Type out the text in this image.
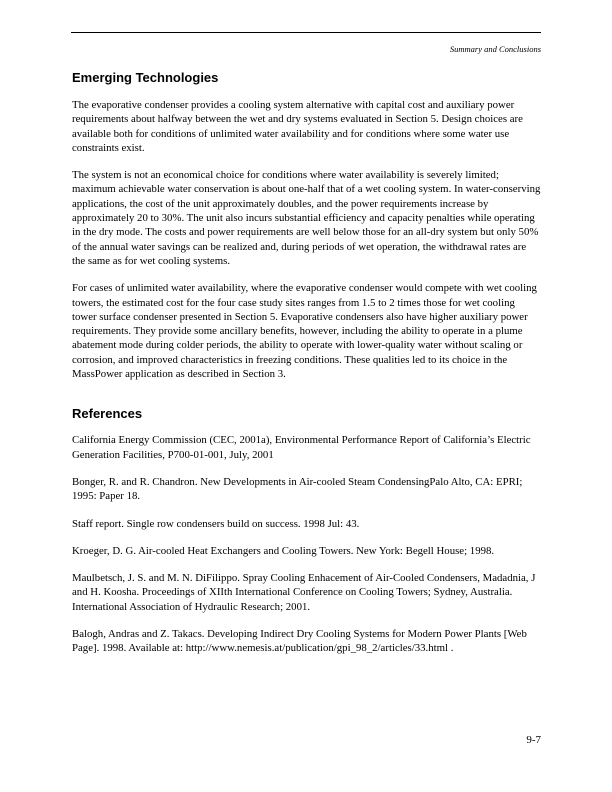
Summary and Conclusions
Emerging Technologies

The evaporative condenser provides a cooling system alternative with capital cost and auxiliary power requirements about halfway between the wet and dry systems evaluated in Section 5. Design choices are available both for conditions of unlimited water availability and for conditions where some water use constraints exist.

The system is not an economical choice for conditions where water availability is severely limited; maximum achievable water conservation is about one-half that of a wet cooling system. In water-conserving applications, the cost of the unit approximately doubles, and the power requirements increase by approximately 20 to 30%. The unit also incurs substantial efficiency and capacity penalties while operating in the dry mode. The costs and power requirements are well below those for an all-dry system but only 50% of the annual water savings can be realized and, during periods of wet operation, the withdrawal rates are the same as for wet cooling systems.

For cases of unlimited water availability, where the evaporative condenser would compete with wet cooling towers, the estimated cost for the four case study sites ranges from 1.5 to 2 times those for wet cooling tower surface condenser presented in Section 5. Evaporative condensers also have higher auxiliary power requirements. They provide some ancillary benefits, however, including the ability to operate in a plume abatement mode during colder periods, the ability to operate with lower-quality water without scaling or corrosion, and improved characteristics in freezing conditions. These qualities led to its choice in the MassPower application as described in Section 3.

References
California Energy Commission (CEC, 2001a), Environmental Performance Report of California’s Electric Generation Facilities, P700-01-001, July, 2001
Bonger, R. and R. Chandron. New Developments in Air-cooled Steam CondensingPalo Alto, CA: EPRI; 1995: Paper 18.
Staff report. Single row condensers build on success. 1998 Jul: 43.
Kroeger, D. G. Air-cooled Heat Exchangers and Cooling Towers. New York: Begell House; 1998.
Maulbetsch, J. S. and M. N. DiFilippo. Spray Cooling Enhacement of Air-Cooled Condensers, Madadnia, J and H. Koosha. Proceedings of XIIth International Conference on Cooling Towers; Sydney, Australia. International Association of Hydraulic Research; 2001.
Balogh, Andras and Z. Takacs. Developing Indirect Dry Cooling Systems for Modern Power Plants [Web Page]. 1998. Available at: http://www.nemesis.at/publication/gpi_98_2/articles/33.html .
9-7
